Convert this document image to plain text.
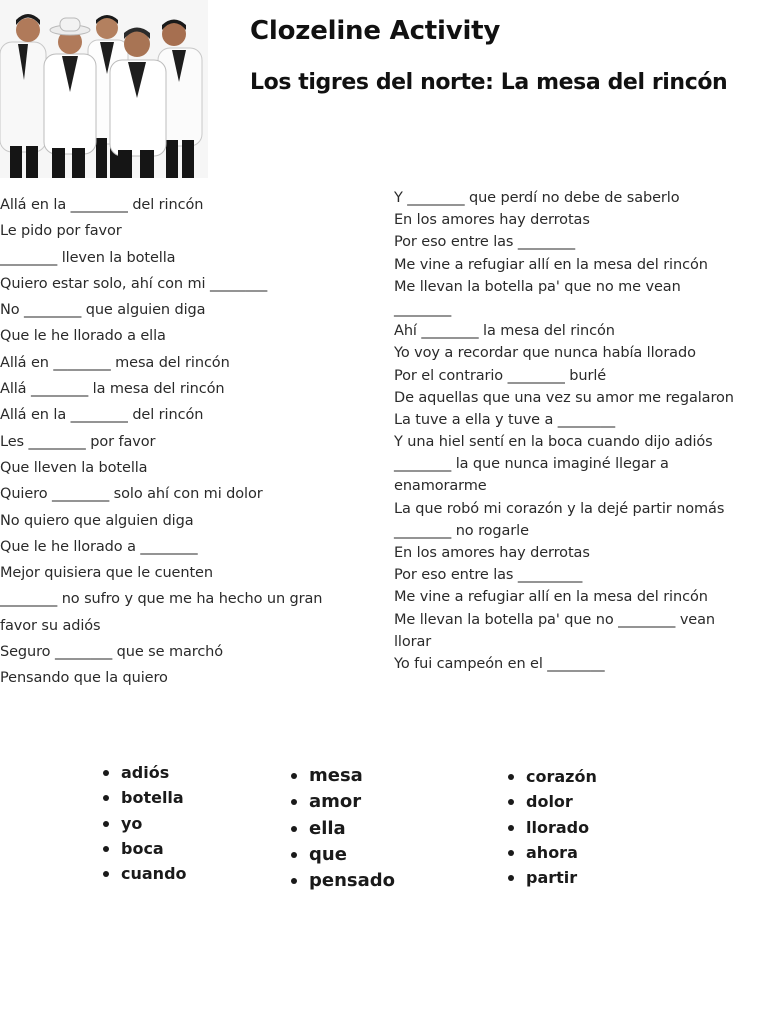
Clozeline Activity
Los tigres del norte: La mesa del rincón
Allá en la ________ del rincón
Le pido por favor
________ lleven la botella
Quiero estar solo, ahí con mi ________
No ________ que alguien diga
Que le he llorado a ella
Allá en ________ mesa del rincón
Allá ________ la mesa del rincón
Allá en la ________ del rincón
Les ________ por favor
Que lleven la botella
Quiero ________ solo ahí con mi dolor
No quiero que alguien diga
Que le he llorado a ________
Mejor quisiera que le cuenten
________ no sufro y que me ha hecho un gran
favor su adiós
Seguro ________ que se marchó
Pensando que la quiero
Y ________ que perdí no debe de saberlo
En los amores hay derrotas
Por eso entre las ________
Me vine a refugiar allí en la mesa del rincón
Me llevan la botella pa' que no me vean
________
Ahí ________ la mesa del rincón
Yo voy a recordar que nunca había llorado
Por el contrario ________ burlé
De aquellas que una vez su amor me regalaron
La tuve a ella y tuve a ________
Y una hiel sentí en la boca cuando dijo adiós
________ la que nunca imaginé llegar a
enamorarme
La que robó mi corazón y la dejé partir nomás
________ no rogarle
En los amores hay derrotas
Por eso entre las _________
Me vine a refugiar allí en la mesa del rincón
Me llevan la botella pa' que no ________ vean
llorar
Yo fui campeón en el ________
adiós
botella
yo
boca
cuando
mesa
amor
ella
que
pensado
corazón
dolor
llorado
ahora
partir
